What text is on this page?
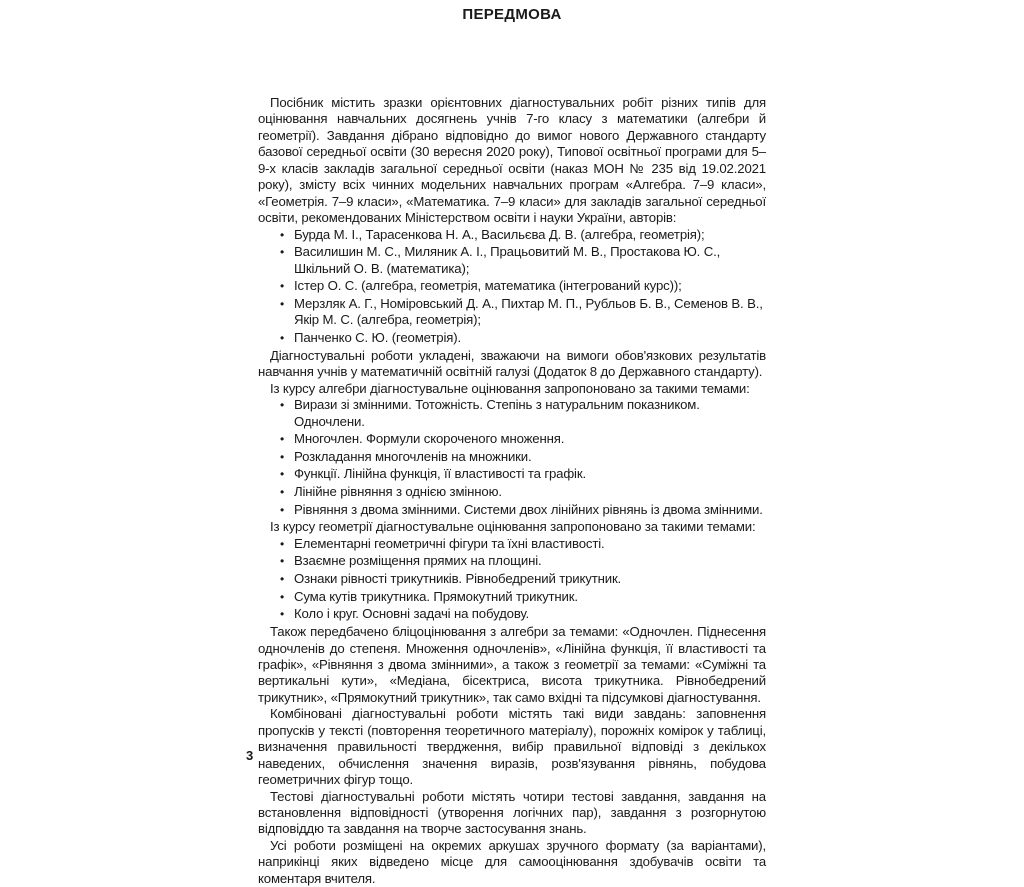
ПЕРЕДМОВА

Посібник містить зразки орієнтовних діагностувальних робіт різних типів для оцінювання навчальних досягнень учнів 7-го класу з математики (алгебри й геометрії). Завдання дібрано відповідно до вимог нового Державного стандарту базової середньої освіти (30 вересня 2020 року), Типової освітньої програми для 5–9-х класів закладів загальної середньої освіти (наказ МОН № 235 від 19.02.2021 року), змісту всіх чинних модельних навчальних програм «Алгебра. 7–9 класи», «Геометрія. 7–9 класи», «Математика. 7–9 класи» для закладів загальної середньої освіти, рекомендованих Міністерством освіти і науки України, авторів:

• Бурда М. І., Тарасенкова Н. А., Васильєва Д. В. (алгебра, геометрія);
• Василишин М. С., Миляник А. І., Працьовитий М. В., Простакова Ю. С.,
Шкільний О. В. (математика);
• Істер О. С. (алгебра, геометрія, математика (інтегрований курс));
• Мерзляк А. Г., Номіровський Д. А., Пихтар М. П., Рубльов Б. В., Семенов В. В.,
Якір М. С. (алгебра, геометрія);
• Панченко С. Ю. (геометрія).

Діагностувальні роботи укладені, зважаючи на вимоги обов'язкових результатів навчання учнів у математичній освітній галузі (Додаток 8 до Державного стандарту).

Із курсу алгебри діагностувальне оцінювання запропоновано за такими темами:

• Вирази зі змінними. Тотожність. Степінь з натуральним показником. Одночлени.
• Многочлен. Формули скороченого множення.
• Розкладання многочленів на множники.
• Функції. Лінійна функція, її властивості та графік.
• Лінійне рівняння з однією змінною.
• Рівняння з двома змінними. Системи двох лінійних рівнянь із двома змінними.

Із курсу геометрії діагностувальне оцінювання запропоновано за такими темами:

• Елементарні геометричні фігури та їхні властивості.
• Взаємне розміщення прямих на площині.
• Ознаки рівності трикутників. Рівнобедрений трикутник.
• Сума кутів трикутника. Прямокутний трикутник.
• Коло і круг. Основні задачі на побудову.

Також передбачено бліцоцінювання з алгебри за темами: «Одночлен. Піднесення одночленів до степеня. Множення одночленів», «Лінійна функція, її властивості та графік», «Рівняння з двома змінними», а також з геометрії за темами: «Суміжні та вертикальні кути», «Медіана, бісектриса, висота трикутника. Рівнобедрений трикутник», «Прямокутний трикутник», так само вхідні та підсумкові діагностування.

Комбіновані діагностувальні роботи містять такі види завдань: заповнення пропусків у тексті (повторення теоретичного матеріалу), порожніх комірок у таблиці, визначення правильності твердження, вибір правильної відповіді з декількох наведених, обчислення значення виразів, розв'язування рівнянь, побудова геометричних фігур тощо.

Тестові діагностувальні роботи містять чотири тестові завдання, завдання на встановлення відповідності (утворення логічних пар), завдання з розгорнутою відповіддю та завдання на творче застосування знань.

Усі роботи розміщені на окремих аркушах зручного формату (за варіантами), наприкінці яких відведено місце для самооцінювання здобувачів освіти та коментаря вчителя.

3
